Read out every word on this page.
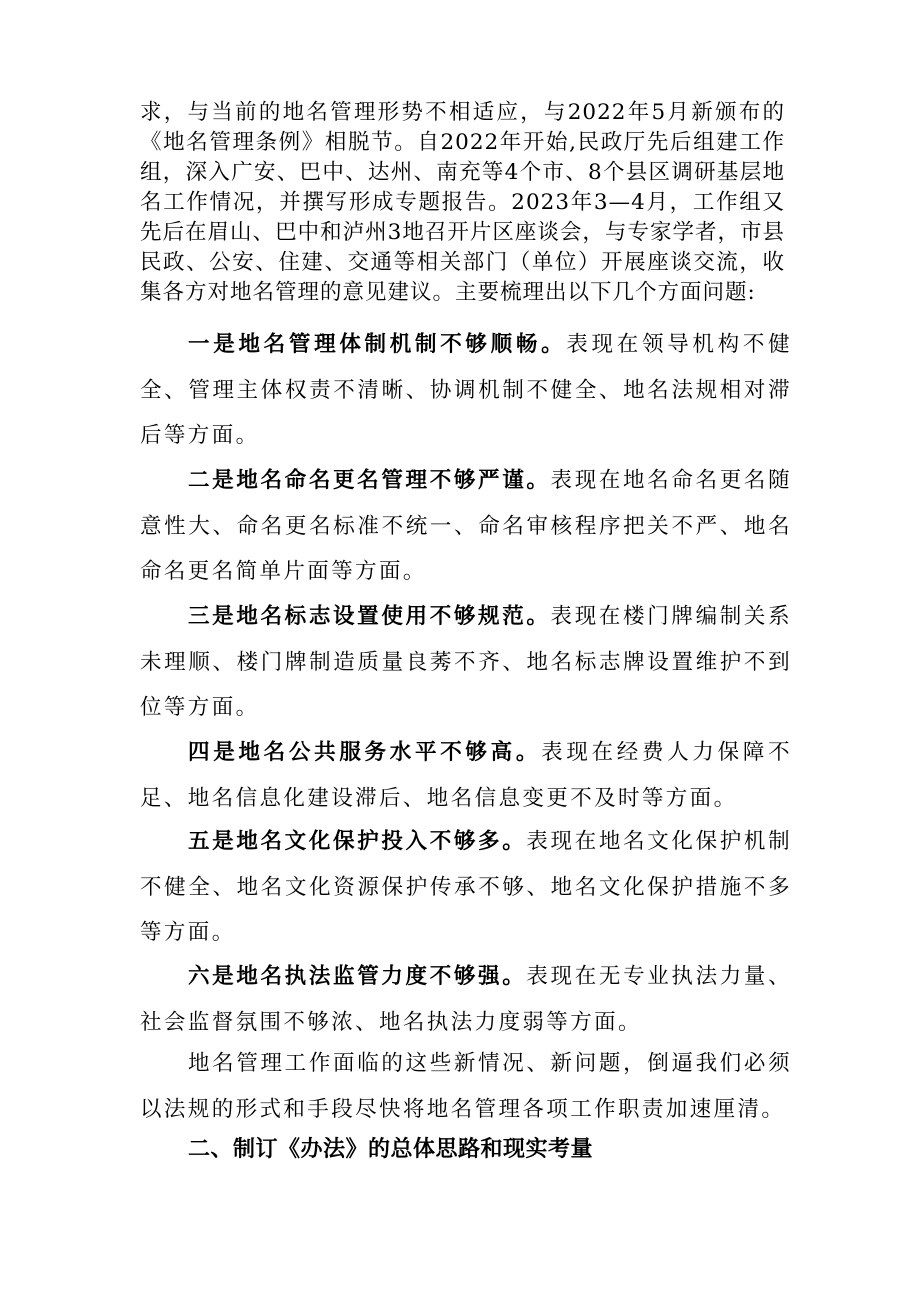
求，与当前的地名管理形势不相适应，与2022年5月新颁布的《地名管理条例》相脱节。自2022年开始,民政厅先后组建工作组，深入广安、巴中、达州、南充等4个市、8个县区调研基层地名工作情况，并撰写形成专题报告。2023年3—4月，工作组又先后在眉山、巴中和泸州3地召开片区座谈会，与专家学者，市县民政、公安、住建、交通等相关部门（单位）开展座谈交流，收集各方对地名管理的意见建议。主要梳理出以下几个方面问题:

一是地名管理体制机制不够顺畅。表现在领导机构不健全、管理主体权责不清晰、协调机制不健全、地名法规相对滞后等方面。

二是地名命名更名管理不够严谨。表现在地名命名更名随意性大、命名更名标准不统一、命名审核程序把关不严、地名命名更名简单片面等方面。

三是地名标志设置使用不够规范。表现在楼门牌编制关系未理顺、楼门牌制造质量良莠不齐、地名标志牌设置维护不到位等方面。

四是地名公共服务水平不够高。表现在经费人力保障不足、地名信息化建设滞后、地名信息变更不及时等方面。

五是地名文化保护投入不够多。表现在地名文化保护机制不健全、地名文化资源保护传承不够、地名文化保护措施不多等方面。

六是地名执法监管力度不够强。表现在无专业执法力量、社会监督氛围不够浓、地名执法力度弱等方面。

地名管理工作面临的这些新情况、新问题，倒逼我们必须以法规的形式和手段尽快将地名管理各项工作职责加速厘清。

二、制订《办法》的总体思路和现实考量
